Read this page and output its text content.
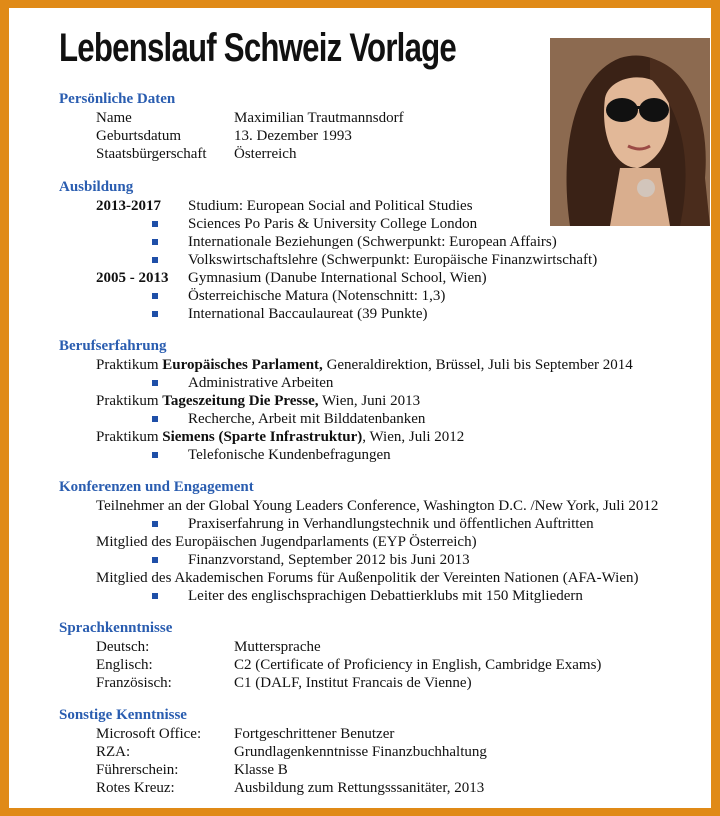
Lebenslauf Schweiz Vorlage
Persönliche Daten
Name	Maximilian Trautmannsdorf
Geburtsdatum	13. Dezember 1993
Staatsbürgerschaft Österreich
Ausbildung
2013-2017 Studium: European Social and Political Studies
Sciences Po Paris & University College London
Internationale Beziehungen (Schwerpunkt: European Affairs)
Volkswirtschaftslehre (Schwerpunkt: Europäische Finanzwirtschaft)
2005 - 2013 Gymnasium (Danube International School, Wien)
Österreichische Matura (Notenschnitt: 1,3)
International Baccaulaureat (39 Punkte)
Berufserfahrung
Praktikum Europäisches Parlament, Generaldirektion, Brüssel, Juli bis September 2014
Administrative Arbeiten
Praktikum Tageszeitung Die Presse, Wien, Juni 2013
Recherche, Arbeit mit Bilddatenbanken
Praktikum Siemens (Sparte Infrastruktur), Wien, Juli 2012
Telefonische Kundenbefragungen
Konferenzen und Engagement
Teilnehmer an der Global Young Leaders Conference, Washington D.C. /New York, Juli 2012
Praxiserfahrung in Verhandlungstechnik und öffentlichen Auftritten
Mitglied des Europäischen Jugendparlaments (EYP Österreich)
Finanzvorstand, September 2012 bis Juni 2013
Mitglied des Akademischen Forums für Außenpolitik der Vereinten Nationen (AFA-Wien)
Leiter des englischsprachigen Debattierklubs mit 150 Mitgliedern
Sprachkenntnisse
Deutsch:	Muttersprache
Englisch:	C2 (Certificate of Proficiency in English, Cambridge Exams)
Französisch:	C1 (DALF, Institut Francais de Vienne)
Sonstige Kenntnisse
Microsoft Office: Fortgeschrittener Benutzer
RZA:	Grundlagenkenntnisse Finanzbuchhaltung
Führerschein:	Klasse B
Rotes Kreuz:	Ausbildung zum Rettungsssanitäter, 2013
